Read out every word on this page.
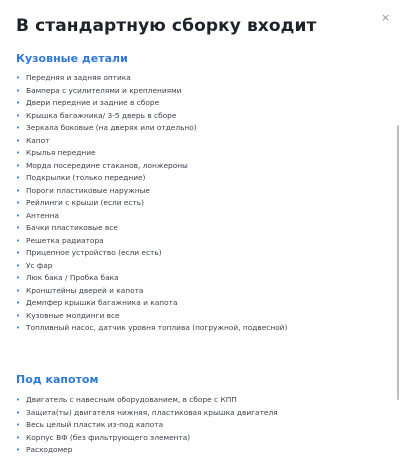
×
В стандартную сборку входит
Кузовные детали
• Передняя и задняя оптика
• Бампера с усилителями и креплениями
• Двери передние и задние в сборе
• Крышка багажника/ 3-5 дверь в сборе
• Зеркала боковые (на дверях или отдельно)
• Капот
• Крылья передние
• Морда посередине стаканов, лонжероны
• Подкрылки (только передние)
• Пороги пластиковые наружные
• Рейлинги с крыши (если есть)
• Антенна
• Бачки пластиковые все
• Решетка радиатора
• Прицепное устройство (если есть)
• Ус фар
• Люк бака / Пробка бака
• Кронштейны дверей и капота
• Демпфер крышки багажника и капота
• Кузовные молдинги все
• Топливный насос, датчик уровня топлива (погружной, подвесной)
Под капотом
• Двигатель с навесным оборудованием, в сборе с КПП
• Защита(ты) двигателя нижняя, пластиковая крышка двигателя
• Весь целый пластик из-под капота
• Корпус ВФ (без фильтрующего элемента)
• Расходомер
